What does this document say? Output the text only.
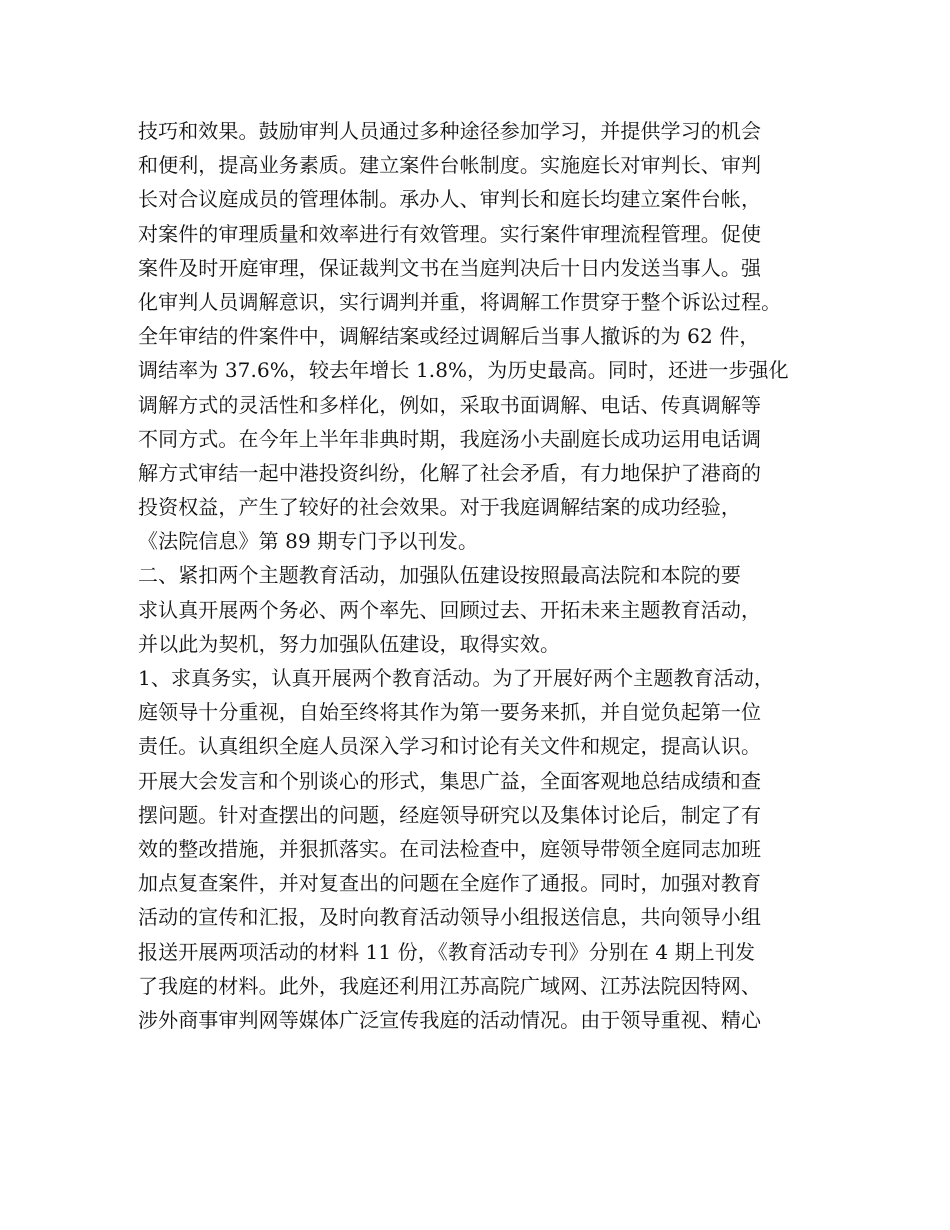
技巧和效果。鼓励审判人员通过多种途径参加学习，并提供学习的机会
和便利，提高业务素质。建立案件台帐制度。实施庭长对审判长、审判
长对合议庭成员的管理体制。承办人、审判长和庭长均建立案件台帐，
对案件的审理质量和效率进行有效管理。实行案件审理流程管理。促使
案件及时开庭审理，保证裁判文书在当庭判决后十日内发送当事人。强
化审判人员调解意识，实行调判并重，将调解工作贯穿于整个诉讼过程。
全年审结的件案件中，调解结案或经过调解后当事人撤诉的为 62 件，
调结率为 37.6%，较去年增长 1.8%，为历史最高。同时，还进一步强化
调解方式的灵活性和多样化，例如，采取书面调解、电话、传真调解等
不同方式。在今年上半年非典时期，我庭汤小夫副庭长成功运用电话调
解方式审结一起中港投资纠纷，化解了社会矛盾，有力地保护了港商的
投资权益，产生了较好的社会效果。对于我庭调解结案的成功经验，
《法院信息》第 89 期专门予以刊发。
二、紧扣两个主题教育活动，加强队伍建设按照最高法院和本院的要
求认真开展两个务必、两个率先、回顾过去、开拓未来主题教育活动，
并以此为契机，努力加强队伍建设，取得实效。
1、求真务实，认真开展两个教育活动。为了开展好两个主题教育活动，
庭领导十分重视，自始至终将其作为第一要务来抓，并自觉负起第一位
责任。认真组织全庭人员深入学习和讨论有关文件和规定，提高认识。
开展大会发言和个别谈心的形式，集思广益，全面客观地总结成绩和查
摆问题。针对查摆出的问题，经庭领导研究以及集体讨论后，制定了有
效的整改措施，并狠抓落实。在司法检查中，庭领导带领全庭同志加班
加点复查案件，并对复查出的问题在全庭作了通报。同时，加强对教育
活动的宣传和汇报，及时向教育活动领导小组报送信息，共向领导小组
报送开展两项活动的材料 11 份，《教育活动专刊》分别在 4 期上刊发
了我庭的材料。此外，我庭还利用江苏高院广域网、江苏法院因特网、
涉外商事审判网等媒体广泛宣传我庭的活动情况。由于领导重视、精心
